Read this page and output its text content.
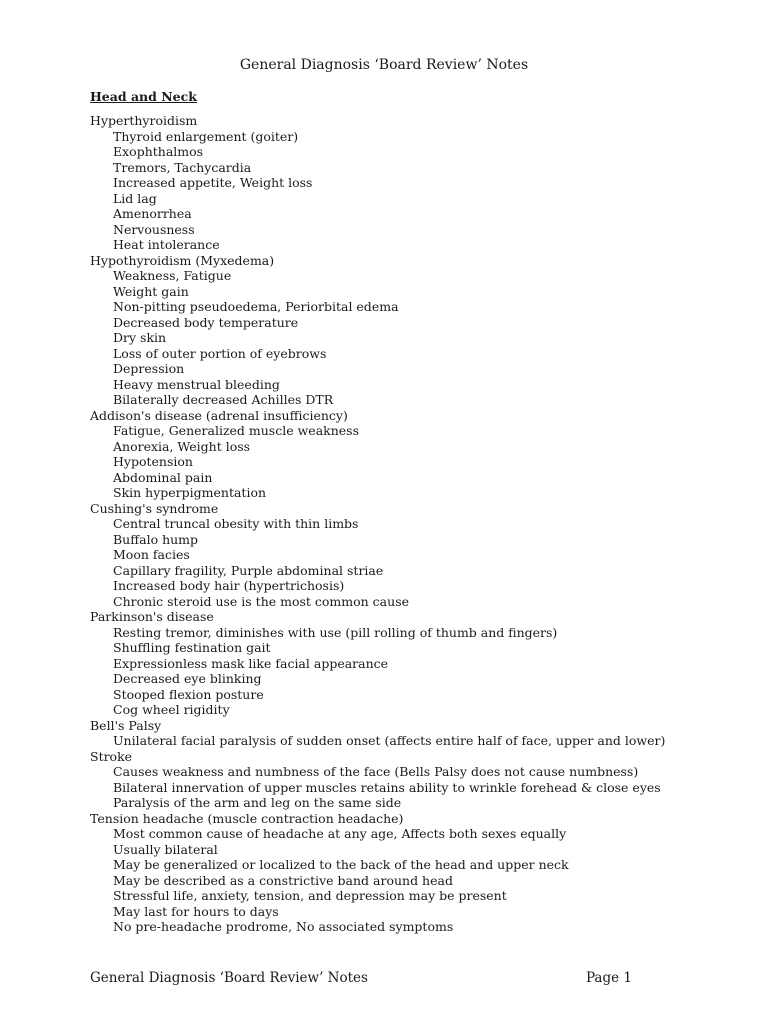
General Diagnosis ‘Board Review’ Notes
Head and Neck
Hyperthyroidism
Thyroid enlargement (goiter)
Exophthalmos
Tremors, Tachycardia
Increased appetite, Weight loss
Lid lag
Amenorrhea
Nervousness
Heat intolerance
Hypothyroidism (Myxedema)
Weakness, Fatigue
Weight gain
Non-pitting pseudoedema, Periorbital edema
Decreased body temperature
Dry skin
Loss of outer portion of eyebrows
Depression
Heavy menstrual bleeding
Bilaterally decreased Achilles DTR
Addison's disease (adrenal insufficiency)
Fatigue, Generalized muscle weakness
Anorexia, Weight loss
Hypotension
Abdominal pain
Skin hyperpigmentation
Cushing's syndrome
Central truncal obesity with thin limbs
Buffalo hump
Moon facies
Capillary fragility, Purple abdominal striae
Increased body hair (hypertrichosis)
Chronic steroid use is the most common cause
Parkinson's disease
Resting tremor, diminishes with use (pill rolling of thumb and fingers)
Shuffling festination gait
Expressionless mask like facial appearance
Decreased eye blinking
Stooped flexion posture
Cog wheel rigidity
Bell's Palsy
Unilateral facial paralysis of sudden onset (affects entire half of face, upper and lower)
Stroke
Causes weakness and numbness of the face (Bells Palsy does not cause numbness)
Bilateral innervation of upper muscles retains ability to wrinkle forehead & close eyes
Paralysis of the arm and leg on the same side
Tension headache (muscle contraction headache)
Most common cause of headache at any age, Affects both sexes equally
Usually bilateral
May be generalized or localized to the back of the head and upper neck
May be described as a constrictive band around head
Stressful life, anxiety, tension, and depression may be present
May last for hours to days
No pre-headache prodrome, No associated symptoms
General Diagnosis ‘Board Review’ Notes	Page 1
